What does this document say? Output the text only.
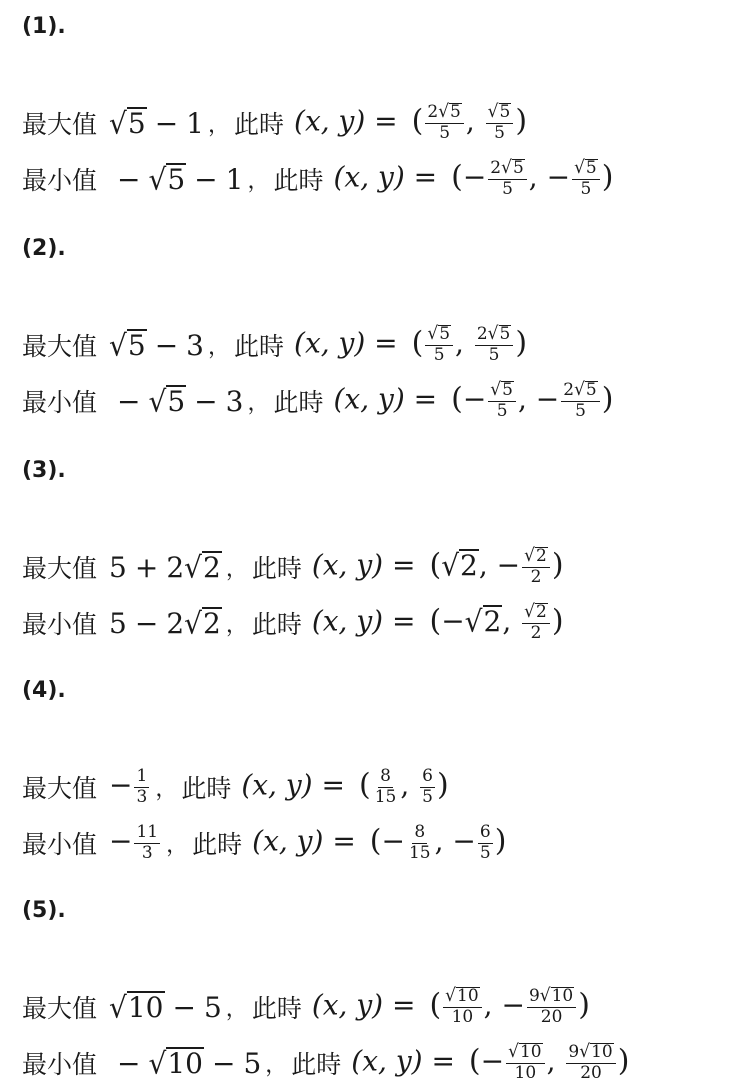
(1).
最大值 √5 − 1 ， 此時 (x, y) =  ( $\frac{2√5}{5}$ , $\frac{√5}{5}$ )
最小值 − √5 − 1 ， 此時 (x, y) =  (− $\frac{2√5}{5}$ , − $\frac{√5}{5}$ )
(2).
最大值 √5 − 3 ， 此時 (x, y) =  ( $\frac{√5}{5}$ , $\frac{2√5}{5}$ )
最小值 − √5 − 3 ， 此時 (x, y) =  (− $\frac{√5}{5}$ , − $\frac{2√5}{5}$ )
(3).
最大值 5 + 2√2 ， 此時 (x, y) =  (√2, − $\frac{√2}{2}$ )
最小值 5 − 2√2 ， 此時 (x, y) =  (−√2, $\frac{√2}{2}$ )
(4).
最大值 − $\frac{1}{3}$ ， 此時 (x, y) =  ( $\frac{8}{15}$ , $\frac{6}{5}$ )
最小值 − $\frac{11}{3}$ ， 此時 (x, y) =  (− $\frac{8}{15}$ , − $\frac{6}{5}$ )
(5).
最大值 √10 − 5 ， 此時 (x, y) =  ( $\frac{√10}{10}$ , − $\frac{9√10}{20}$ )
最小值 − √10 − 5 ， 此時 (x, y) =  (− $\frac{√10}{10}$ , $\frac{9√10}{20}$ )
